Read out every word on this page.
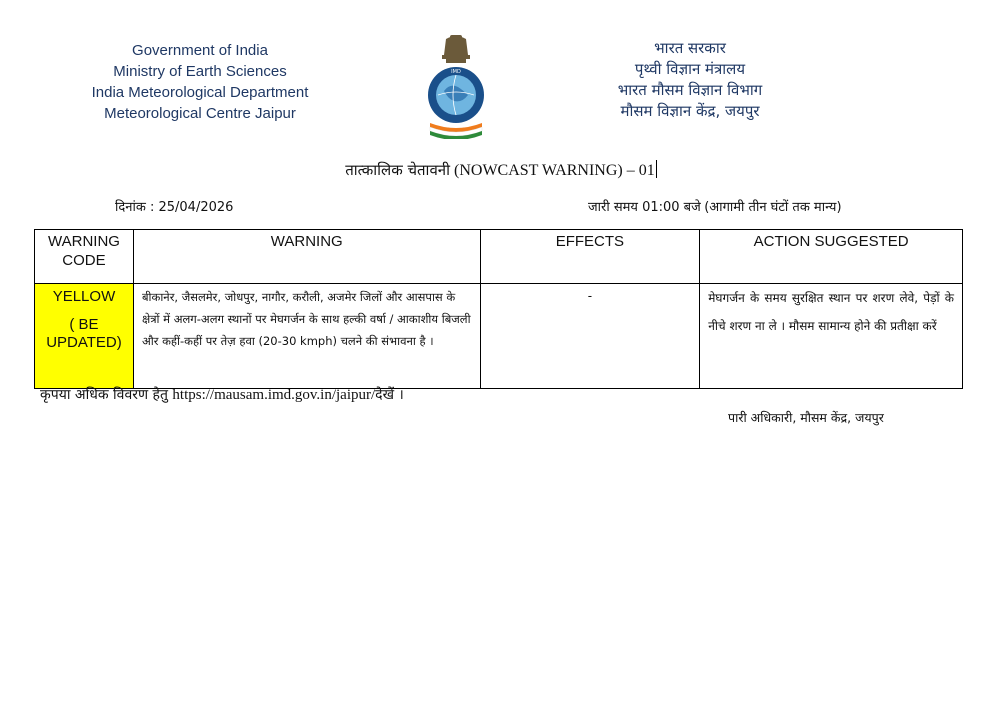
Government of India
Ministry of Earth Sciences
India Meteorological Department
Meteorological Centre Jaipur
IMD
भारत सरकार
पृथ्वी विज्ञान मंत्रालय
भारत मौसम विज्ञान विभाग
मौसम विज्ञान केंद्र, जयपुर
तात्कालिक चेतावनी (NOWCAST WARNING) – 01
दिनांक : 25/04/2026	जारी समय 01:00 बजे (आगामी तीन घंटों तक मान्य)
WARNING CODE	WARNING	EFFECTS	ACTION SUGGESTED

YELLOW
( BE UPDATED)	बीकानेर, जैसलमेर, जोधपुर, नागौर, करौली, अजमेर जिलों और आसपास के क्षेत्रों में अलग-अलग स्थानों पर मेघगर्जन के साथ हल्की वर्षा / आकाशीय बिजली और कहीं-कहीं पर तेज़ हवा (20-30 kmph) चलने की संभावना है ।	-	मेघगर्जन के समय सुरक्षित स्थान पर शरण लेवे, पेड़ों के नीचे शरण ना ले । मौसम सामान्य होने की प्रतीक्षा करें
कृपया अधिक विवरण हेतु https://mausam.imd.gov.in/jaipur/देखें ।
पारी अधिकारी, मौसम केंद्र, जयपुर
